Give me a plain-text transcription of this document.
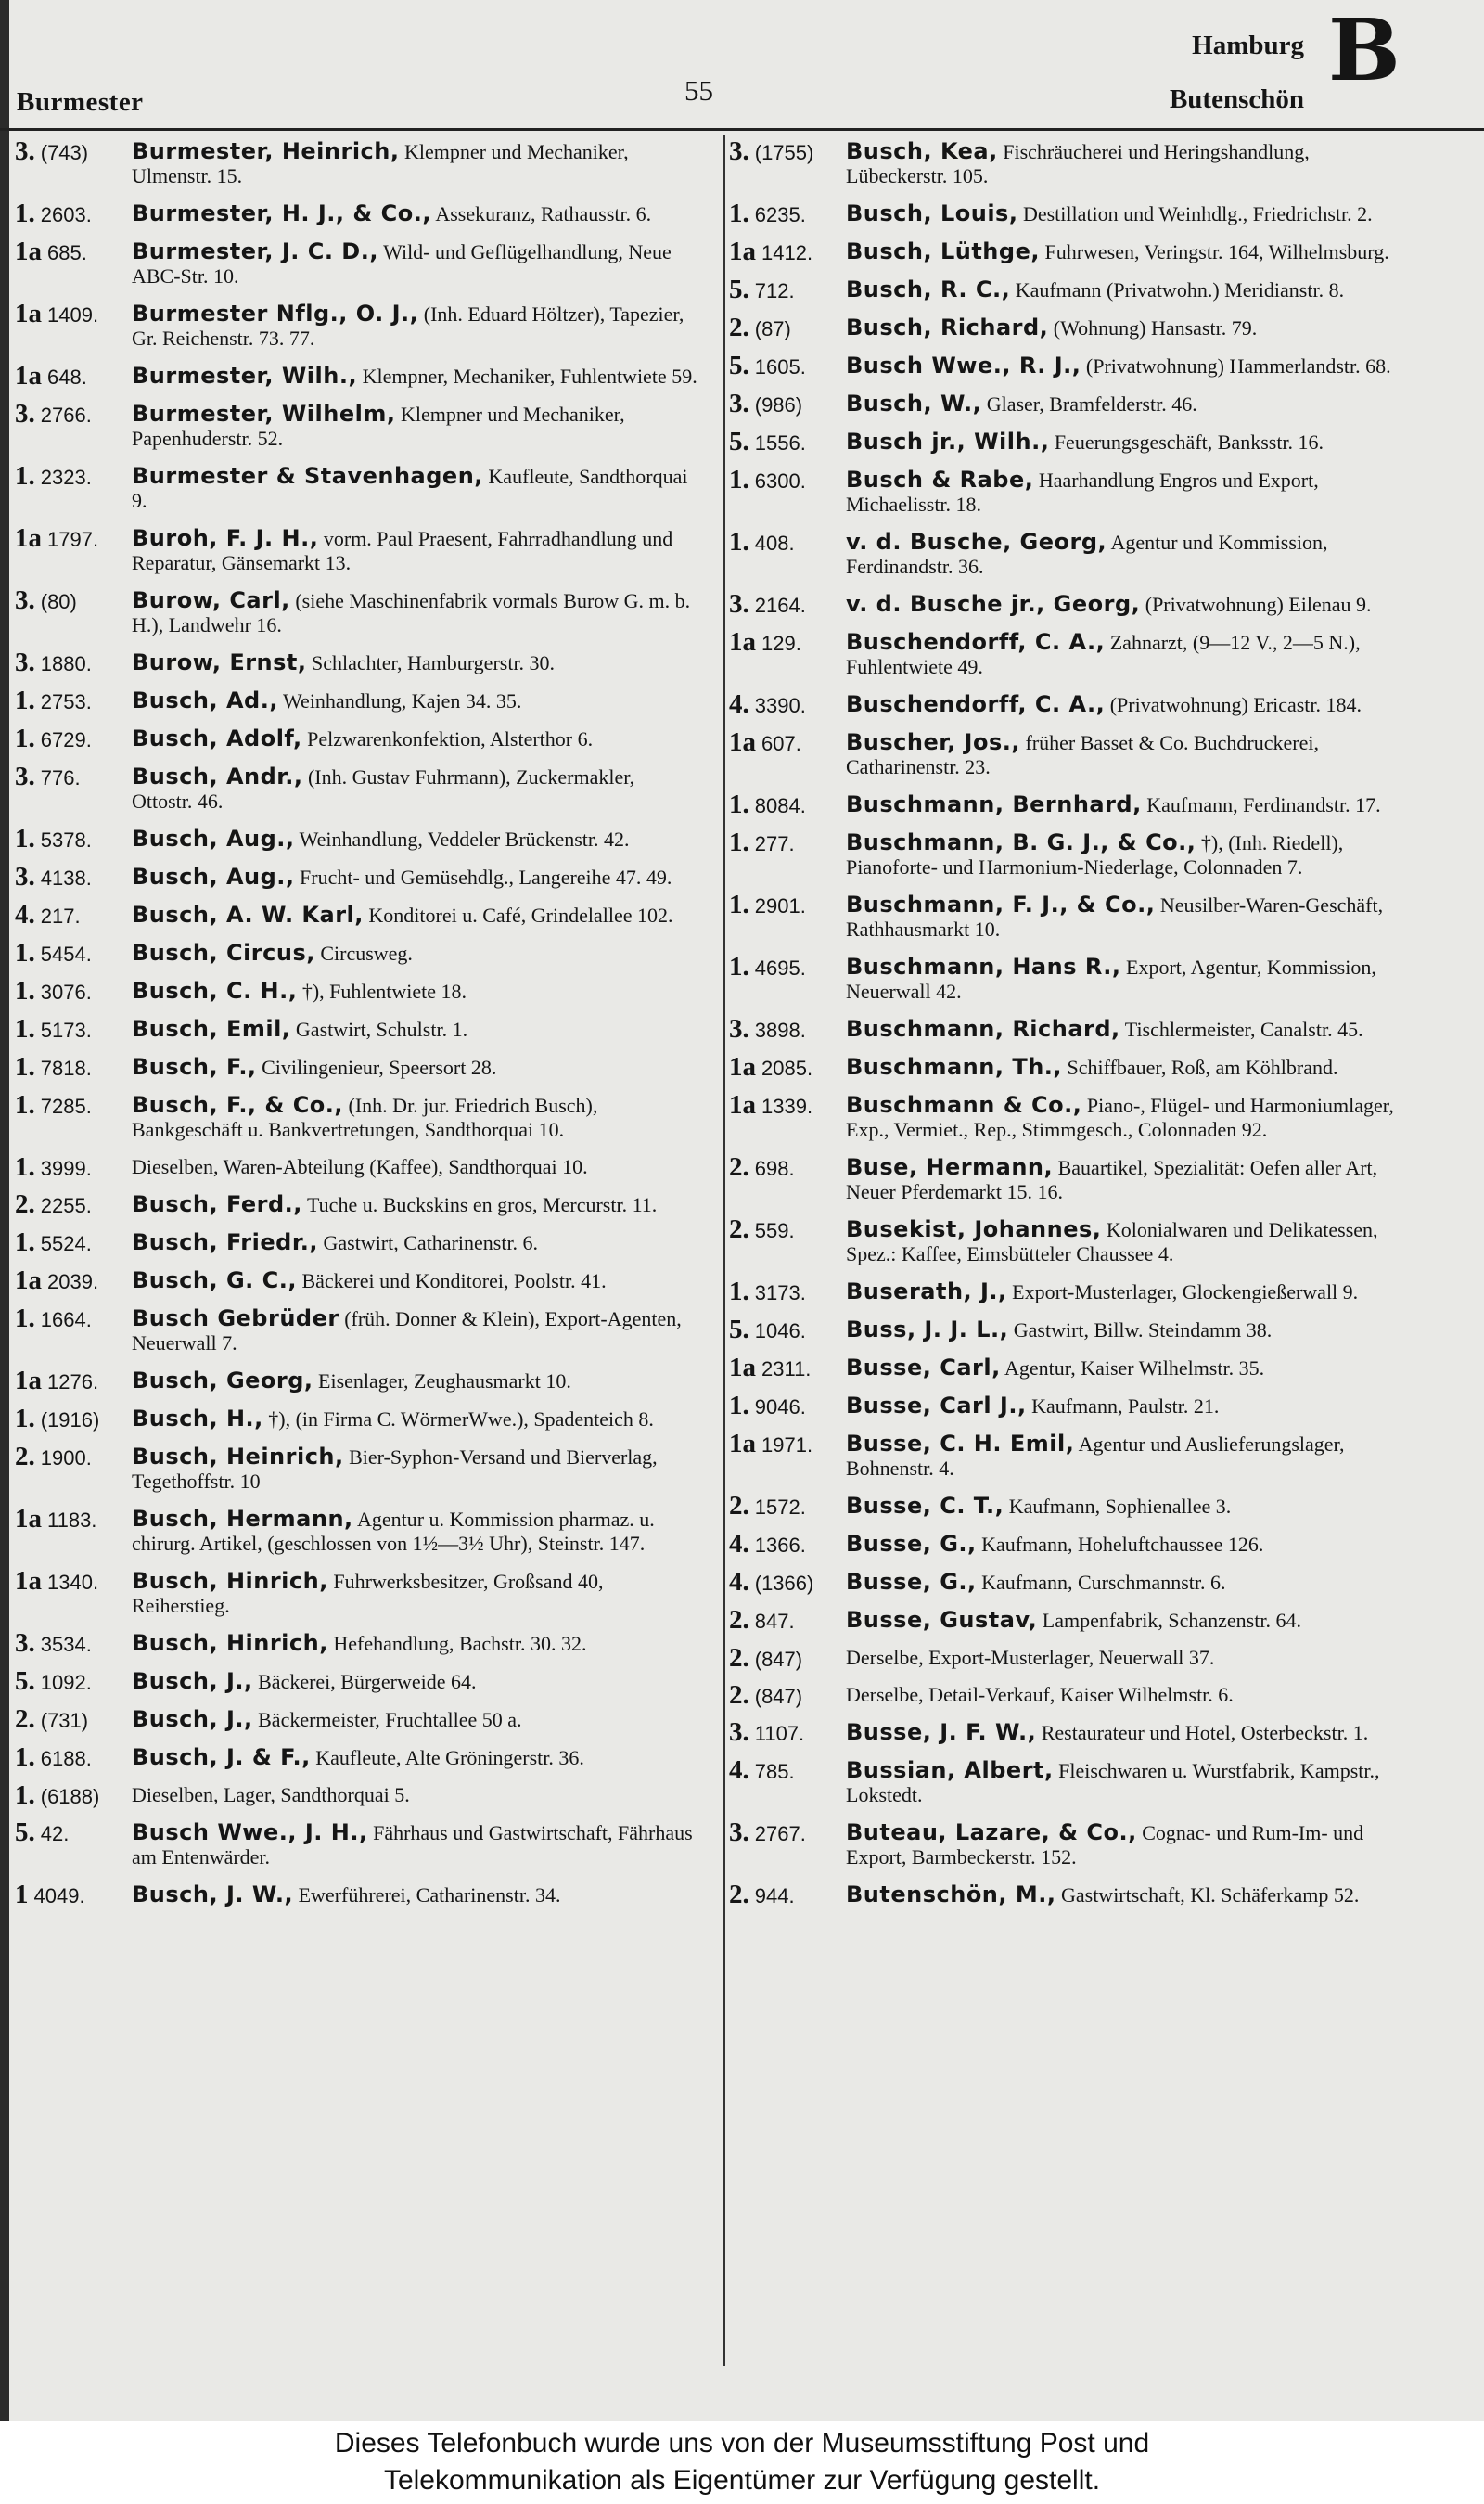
Burmester	55
Hamburg
Butenschön B
3. (743) Burmester, Heinrich, Klempner und Mechaniker, Ulmenstr. 15.
1. 2603. Burmester, H. J., & Co., Assekuranz, Rathausstr. 6.
1a 685. Burmester, J. C. D., Wild- und Geflügelhandlung, Neue ABC-Str. 10.
1a 1409. Burmester Nflg., O. J., (Inh. Eduard Höltzer), Tapezier, Gr. Reichenstr. 73. 77.
1a 648. Burmester, Wilh., Klempner, Mechaniker, Fuhlentwiete 59.
3. 2766. Burmester, Wilhelm, Klempner und Mechaniker, Papenhuderstr. 52.
1. 2323. Burmester & Stavenhagen, Kaufleute, Sandthorquai 9.
1a 1797. Buroh, F. J. H., vorm. Paul Praesent, Fahrradhandlung und Reparatur, Gänsemarkt 13.
3. (80) Burow, Carl, (siehe Maschinenfabrik vormals Burow G. m. b. H.), Landwehr 16.
3. 1880. Burow, Ernst, Schlachter, Hamburgerstr. 30.
1. 2753. Busch, Ad., Weinhandlung, Kajen 34. 35.
1. 6729. Busch, Adolf, Pelzwarenkonfektion, Alsterthor 6.
3. 776. Busch, Andr., (Inh. Gustav Fuhrmann), Zuckermakler, Ottostr. 46.
1. 5378. Busch, Aug., Weinhandlung, Veddeler Brückenstr. 42.
3. 4138. Busch, Aug., Frucht- und Gemüsehdlg., Langereihe 47. 49.
4. 217. Busch, A. W. Karl, Konditorei u. Café, Grindelallee 102.
1. 5454. Busch, Circus, Circusweg.
1. 3076. Busch, C. H., †), Fuhlentwiete 18.
1. 5173. Busch, Emil, Gastwirt, Schulstr. 1.
1. 7818. Busch, F., Civilingenieur, Speersort 28.
1. 7285. Busch, F., & Co., (Inh. Dr. jur. Friedrich Busch), Bankgeschäft u. Bankvertretungen, Sandthorquai 10.
1. 3999. Dieselben, Waren-Abteilung (Kaffee), Sandthorquai 10.
2. 2255. Busch, Ferd., Tuche u. Buckskins en gros, Mercurstr. 11.
1. 5524. Busch, Friedr., Gastwirt, Catharinenstr. 6.
1a 2039. Busch, G. C., Bäckerei und Konditorei, Poolstr. 41.
1. 1664. Busch Gebrüder (früh. Donner & Klein), Export-Agenten, Neuerwall 7.
1a 1276. Busch, Georg, Eisenlager, Zeughausmarkt 10.
1. (1916) Busch, H., †), (in Firma C. WörmerWwe.), Spadenteich 8.
2. 1900. Busch, Heinrich, Bier-Syphon-Versand und Bierverlag, Tegethoffstr. 10
1a 1183. Busch, Hermann, Agentur u. Kommission pharmaz. u. chirurg. Artikel, (geschlossen von 1½—3½ Uhr), Steinstr. 147.
1a 1340. Busch, Hinrich, Fuhrwerksbesitzer, Großsand 40, Reiherstieg.
3. 3534. Busch, Hinrich, Hefehandlung, Bachstr. 30. 32.
5. 1092. Busch, J., Bäckerei, Bürgerweide 64.
2. (731) Busch, J., Bäckermeister, Fruchtallee 50 a.
1. 6188. Busch, J. & F., Kaufleute, Alte Gröningerstr. 36.
1. (6188) Dieselben, Lager, Sandthorquai 5.
5. 42.	Busch Wwe., J. H., Fährhaus und Gastwirtschaft, Fährhaus am Entenwärder.
1 4049. Busch, J. W., Ewerführerei, Catharinenstr. 34.
3. (1755) Busch, Kea, Fischräucherei und Heringshandlung, Lübeckerstr. 105.
1. 6235. Busch, Louis, Destillation und Weinhdlg., Friedrichstr. 2.
1a 1412. Busch, Lüthge, Fuhrwesen, Veringstr. 164, Wilhelmsburg.
5. 712. Busch, R. C., Kaufmann (Privatwohn.) Meridianstr. 8.
2. (87) Busch, Richard, (Wohnung) Hansastr. 79.
5. 1605. Busch Wwe., R. J., (Privatwohnung) Hammerlandstr. 68.
3. (986) Busch, W., Glaser, Bramfelderstr. 46.
5. 1556. Busch jr., Wilh., Feuerungsgeschäft, Banksstr. 16.
1. 6300. Busch & Rabe, Haarhandlung Engros und Export, Michaelisstr. 18.
1. 408. v. d. Busche, Georg, Agentur und Kommission, Ferdinandstr. 36.
3. 2164. v. d. Busche jr., Georg, (Privatwohnung) Eilenau 9.
1a 129. Buschendorff, C. A., Zahnarzt, (9—12 V., 2—5 N.), Fuhlentwiete 49.
4. 3390. Buschendorff, C. A., (Privatwohnung) Ericastr. 184.
1a 607. Buscher, Jos., früher Basset & Co. Buchdruckerei, Catharinenstr. 23.
1. 8084. Buschmann, Bernhard, Kaufmann, Ferdinandstr. 17.
1. 277. Buschmann, B. G. J., & Co., †), (Inh. Riedell), Pianoforte- und Harmonium-Niederlage, Colonnaden 7.
1. 2901. Buschmann, F. J., & Co., Neusilber-Waren-Geschäft, Rathhausmarkt 10.
1. 4695. Buschmann, Hans R., Export, Agentur, Kommission, Neuerwall 42.
3. 3898. Buschmann, Richard, Tischlermeister, Canalstr. 45.
1a 2085. Buschmann, Th., Schiffbauer, Roß, am Köhlbrand.
1a 1339. Buschmann & Co., Piano-, Flügel- und Harmoniumlager, Exp., Vermiet., Rep., Stimmgesch., Colonnaden 92.
2. 698. Buse, Hermann, Bauartikel, Spezialität: Oefen aller Art, Neuer Pferdemarkt 15. 16.
2. 559. Busekist, Johannes, Kolonialwaren und Delikatessen, Spez.: Kaffee, Eimsbütteler Chaussee 4.
1. 3173. Buserath, J., Export-Musterlager, Glockengießerwall 9.
5. 1046. Buss, J. J. L., Gastwirt, Billw. Steindamm 38.
1a 2311. Busse, Carl, Agentur, Kaiser Wilhelmstr. 35.
1. 9046. Busse, Carl J., Kaufmann, Paulstr. 21.
1a 1971. Busse, C. H. Emil, Agentur und Auslieferungslager, Bohnenstr. 4.
2. 1572. Busse, C. T., Kaufmann, Sophienallee 3.
4. 1366. Busse, G., Kaufmann, Hoheluftchaussee 126.
4. (1366) Busse, G., Kaufmann, Curschmannstr. 6.
2. 847. Busse, Gustav, Lampenfabrik, Schanzenstr. 64.
2. (847) Derselbe, Export-Musterlager, Neuerwall 37.
2. (847) Derselbe, Detail-Verkauf, Kaiser Wilhelmstr. 6.
3. 1107. Busse, J. F. W., Restaurateur und Hotel, Osterbeckstr. 1.
4. 785. Bussian, Albert, Fleischwaren u. Wurstfabrik, Kampstr., Lokstedt.
3. 2767. Buteau, Lazare, & Co., Cognac- und Rum-Im- und Export, Barmbeckerstr. 152.
2. 944. Butenschön, M., Gastwirtschaft, Kl. Schäferkamp 52.
Dieses Telefonbuch wurde uns von der Museumsstiftung Post und
Telekommunikation als Eigentümer zur Verfügung gestellt.
